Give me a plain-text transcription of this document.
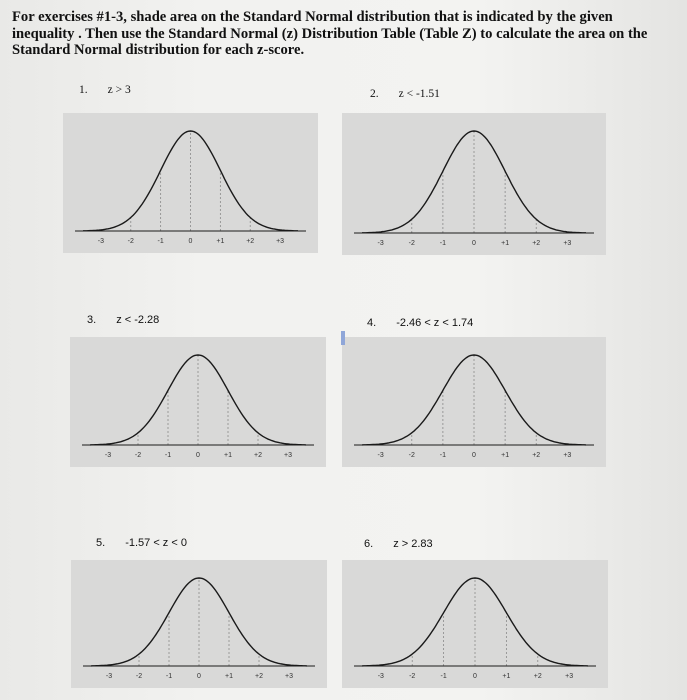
For exercises #1-3, shade area on the Standard Normal distribution that is indicated by the given inequality . Then use the Standard Normal (z) Distribution Table (Table Z) to calculate the area on the Standard Normal distribution for each z-score.

1. z > 3	2. z < -1.51
3. z < -2.28	4. -2.46 < z < 1.74
5. -1.57 < z < 0	6. z > 2.83
-3	-2	-1	0	+1	+2	+3	-3	-2	-1	0	+1	+2	+3
-3	-2	-1	0	+1	+2	+3	-3	-2	-1	0	+1	+2	+3
-3	-2	-1	0	+1	+2	+3	-3	-2	-1	0	+1	+2	+3
